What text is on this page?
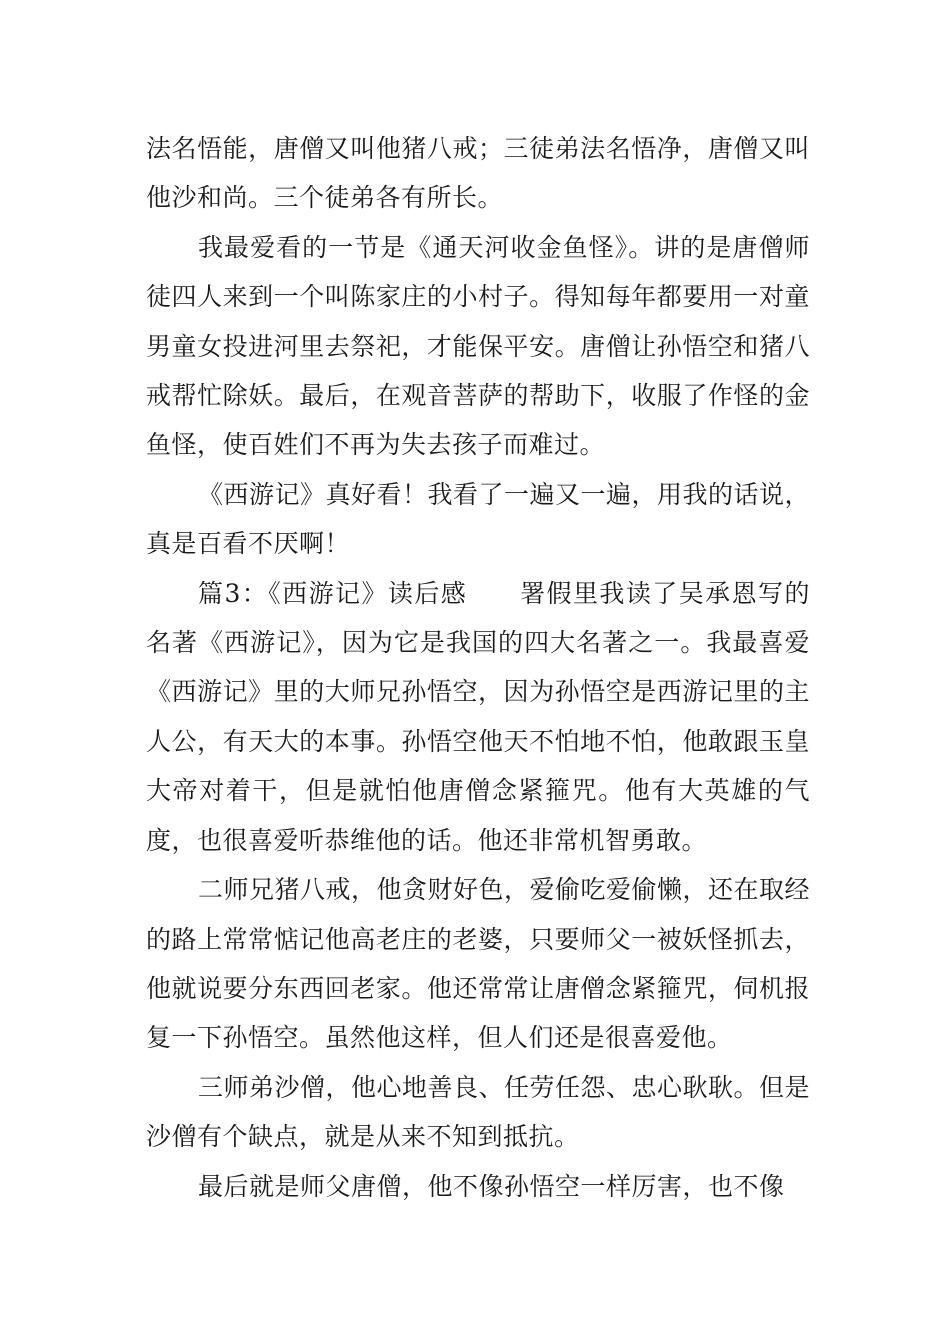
法名悟能，唐僧又叫他猪八戒；三徒弟法名悟净，唐僧又叫他沙和尚。三个徒弟各有所长。

我最爱看的一节是《通天河收金鱼怪》。讲的是唐僧师徒四人来到一个叫陈家庄的小村子。得知每年都要用一对童男童女投进河里去祭祀，才能保平安。唐僧让孙悟空和猪八戒帮忙除妖。最后，在观音菩萨的帮助下，收服了作怪的金鱼怪，使百姓们不再为失去孩子而难过。

《西游记》真好看！我看了一遍又一遍，用我的话说，真是百看不厌啊！

篇3：《西游记》读后感　　署假里我读了吴承恩写的名著《西游记》，因为它是我国的四大名著之一。我最喜爱《西游记》里的大师兄孙悟空，因为孙悟空是西游记里的主人公，有天大的本事。孙悟空他天不怕地不怕，他敢跟玉皇大帝对着干，但是就怕他唐僧念紧箍咒。他有大英雄的气度，也很喜爱听恭维他的话。他还非常机智勇敢。

二师兄猪八戒，他贪财好色，爱偷吃爱偷懒，还在取经的路上常常惦记他高老庄的老婆，只要师父一被妖怪抓去，他就说要分东西回老家。他还常常让唐僧念紧箍咒，伺机报复一下孙悟空。虽然他这样，但人们还是很喜爱他。

三师弟沙僧，他心地善良、任劳任怨、忠心耿耿。但是沙僧有个缺点，就是从来不知到抵抗。

最后就是师父唐僧，他不像孙悟空一样厉害，也不像
